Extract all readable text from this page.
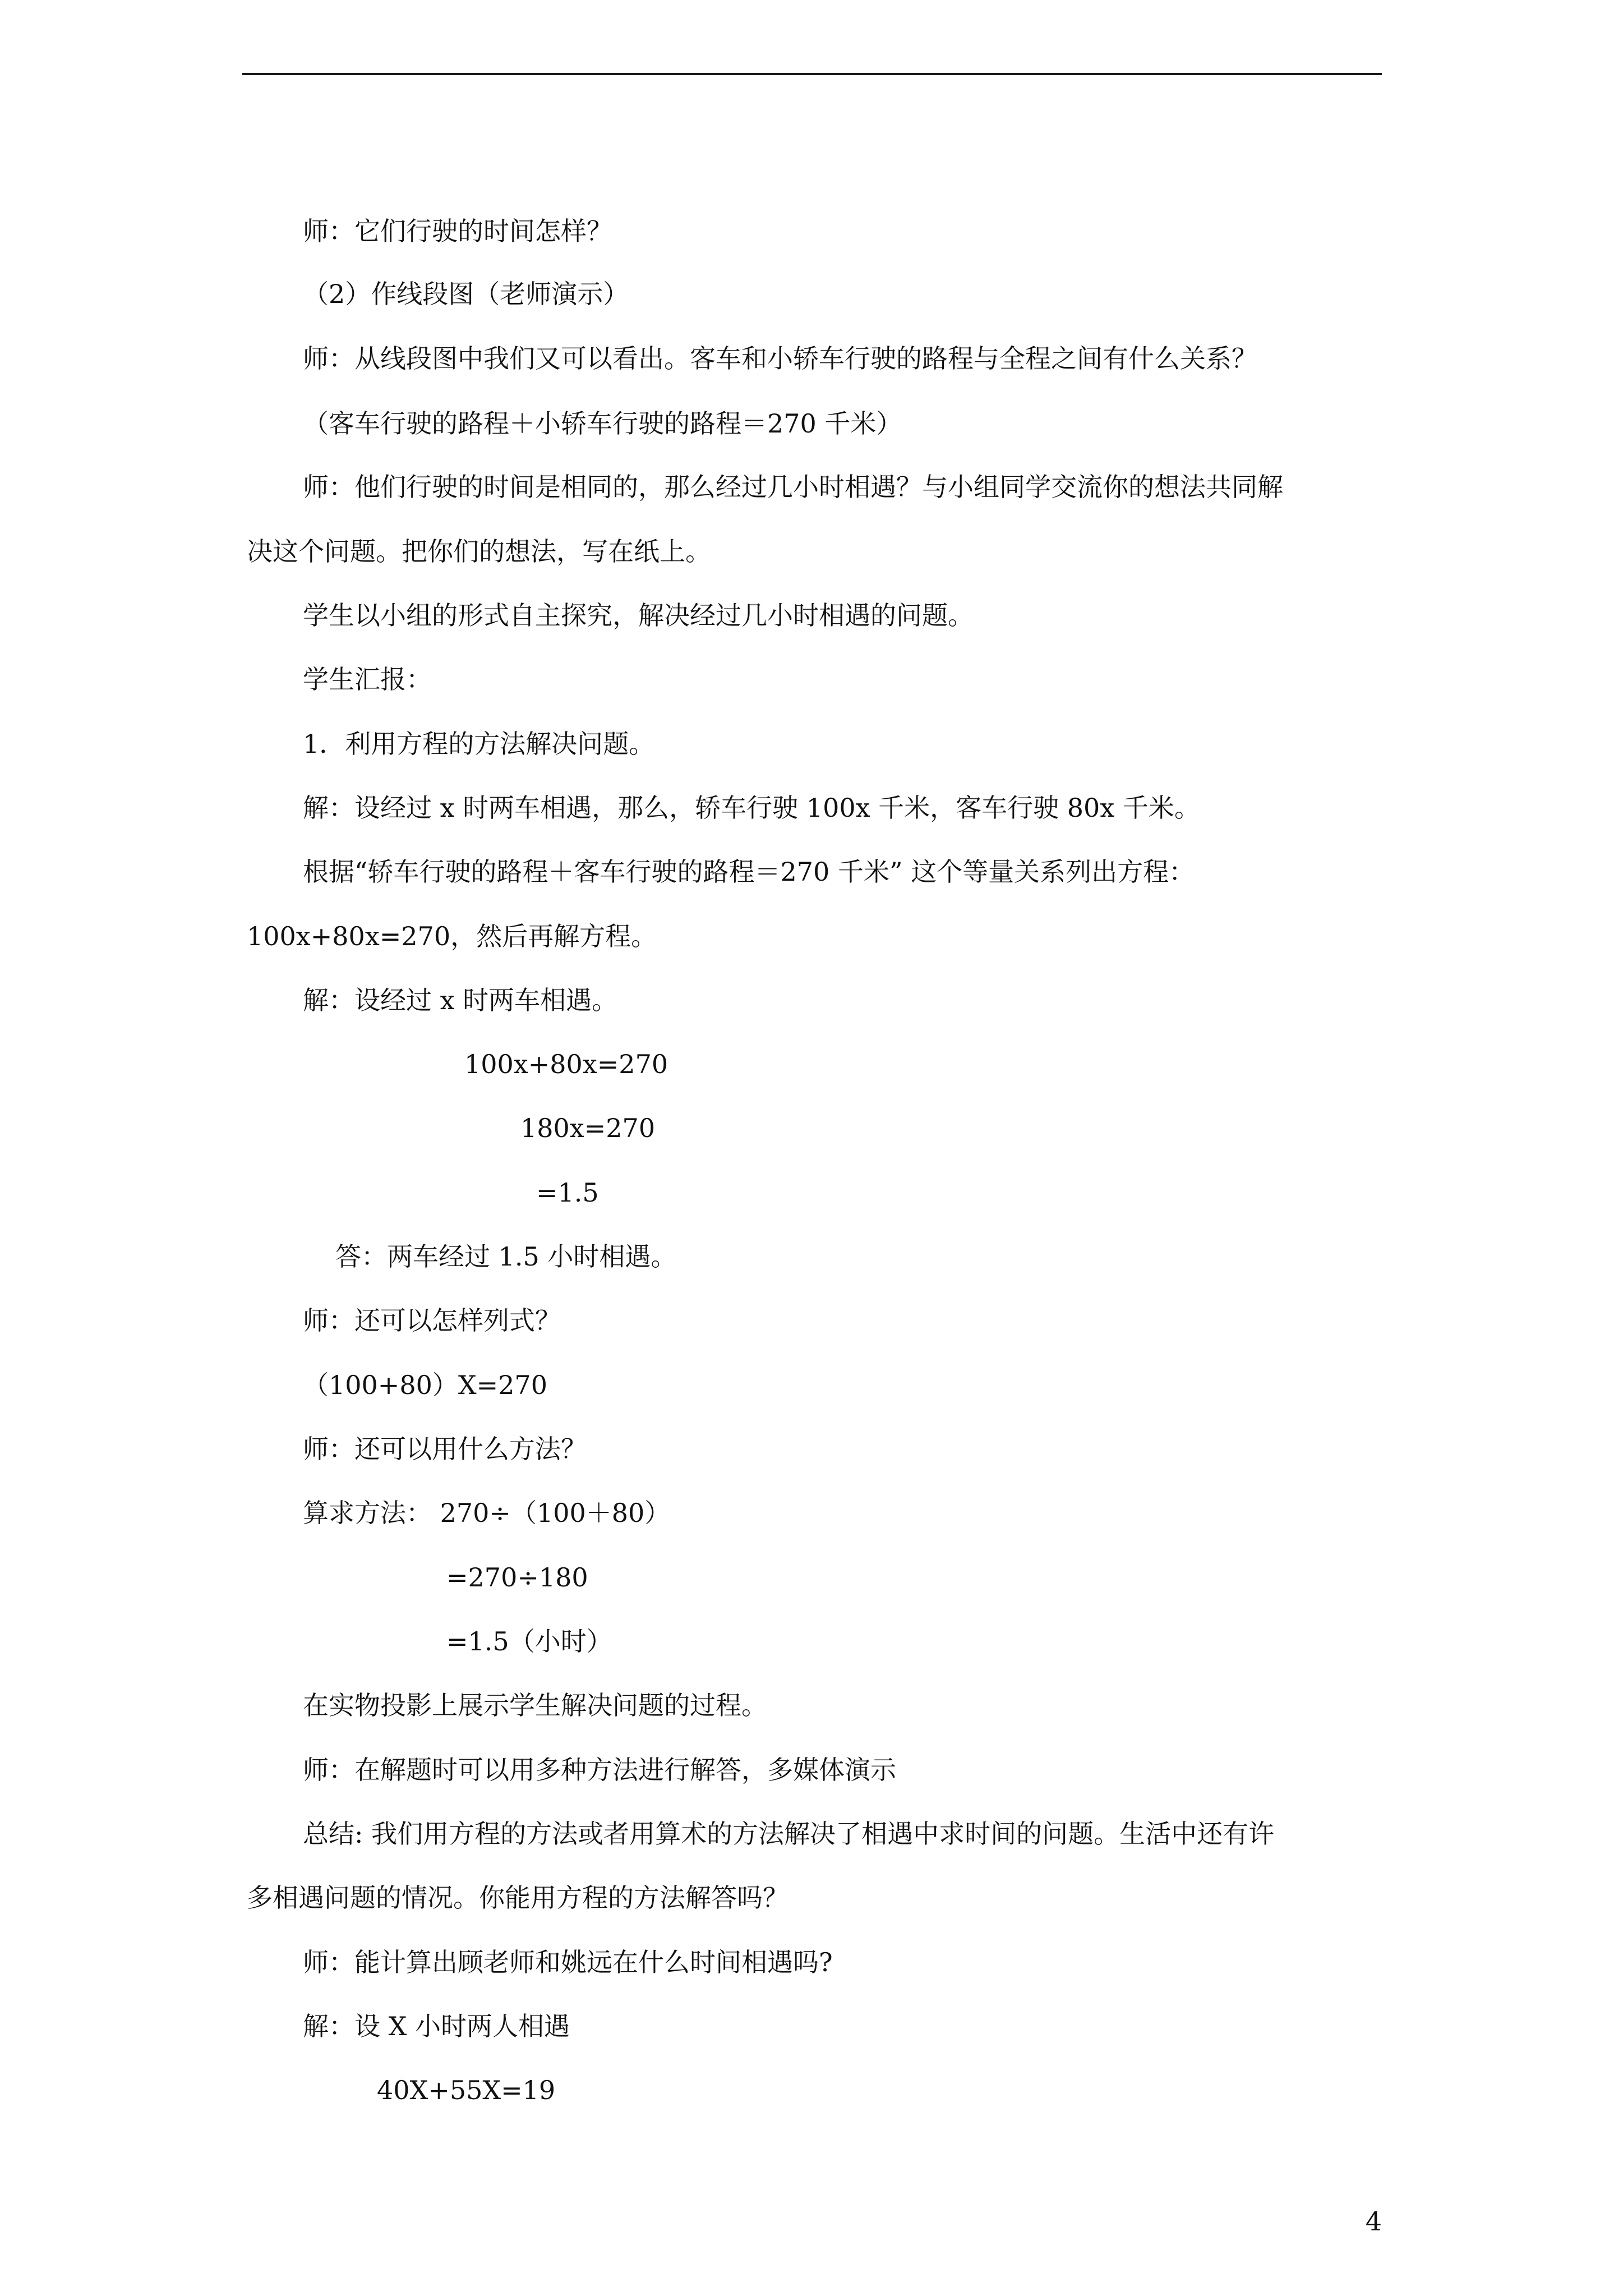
师：它们行驶的时间怎样？
（2）作线段图（老师演示）
师：从线段图中我们又可以看出。客车和小轿车行驶的路程与全程之间有什么关系？
（客车行驶的路程＋小轿车行驶的路程＝270 千米）
师：他们行驶的时间是相同的，那么经过几小时相遇？与小组同学交流你的想法共同解
决这个问题。把你们的想法，写在纸上。
学生以小组的形式自主探究，解决经过几小时相遇的问题。
学生汇报：
1．利用方程的方法解决问题。
解：设经过 x 时两车相遇，那么，轿车行驶 100x 千米，客车行驶 80x 千米。
根据“轿车行驶的路程＋客车行驶的路程＝270 千米” 这个等量关系列出方程：
100x+80x=270，然后再解方程。
解：设经过 x 时两车相遇。
100x+80x=270
180x=270
=1.5
答：两车经过 1.5 小时相遇。
师：还可以怎样列式？
（100+80）X=270
师：还可以用什么方法？
算求方法： 270÷（100＋80）
=270÷180
=1.5（小时）
在实物投影上展示学生解决问题的过程。
师：在解题时可以用多种方法进行解答，多媒体演示
总结: 我们用方程的方法或者用算术的方法解决了相遇中求时间的问题。生活中还有许
多相遇问题的情况。你能用方程的方法解答吗？
师：能计算出顾老师和姚远在什么时间相遇吗?
解：设 X 小时两人相遇
40X+55X=19
4
